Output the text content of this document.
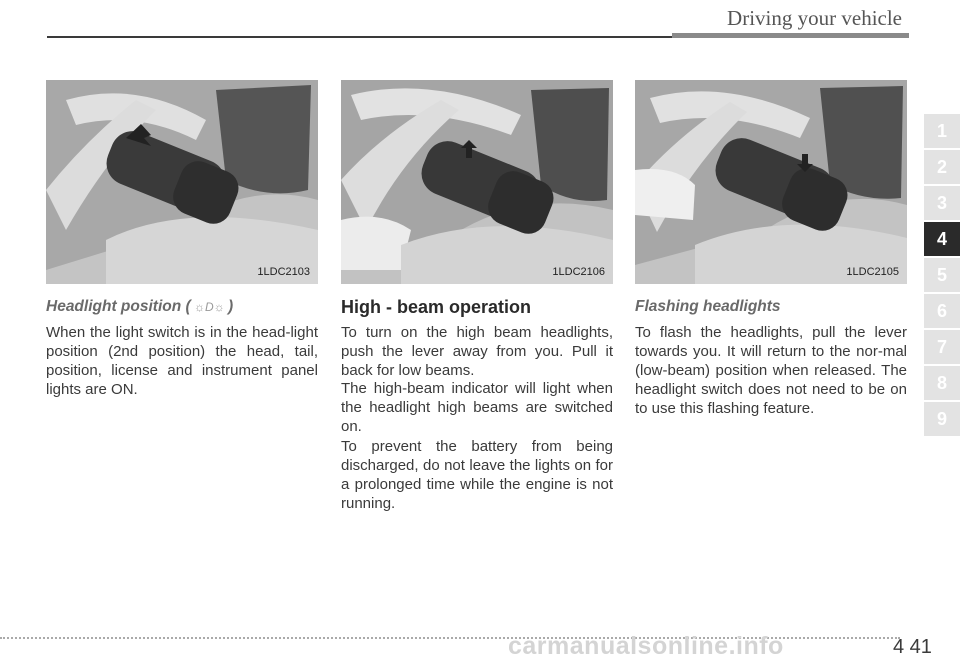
Driving your vehicle
1LDC2103
Headlight position ( ☼D☼ )

When the light switch is in the head-light position (2nd position) the head, tail, position, license and instrument panel lights are ON.

1LDC2106
High - beam operation

To turn on the high beam headlights, push the lever away from you. Pull it back for low beams.

The high-beam indicator will light when the headlight high beams are switched on.

To prevent the battery from being discharged, do not leave the lights on for a prolonged time while the engine is not running.

1LDC2105
Flashing headlights

To flash the headlights, pull the lever towards you. It will return to the nor-mal (low-beam) position when released. The headlight switch does not need to be on to use this flashing feature.

1
2
3
4
5
6
7
8
9
carmanualsonline.info	4 41
